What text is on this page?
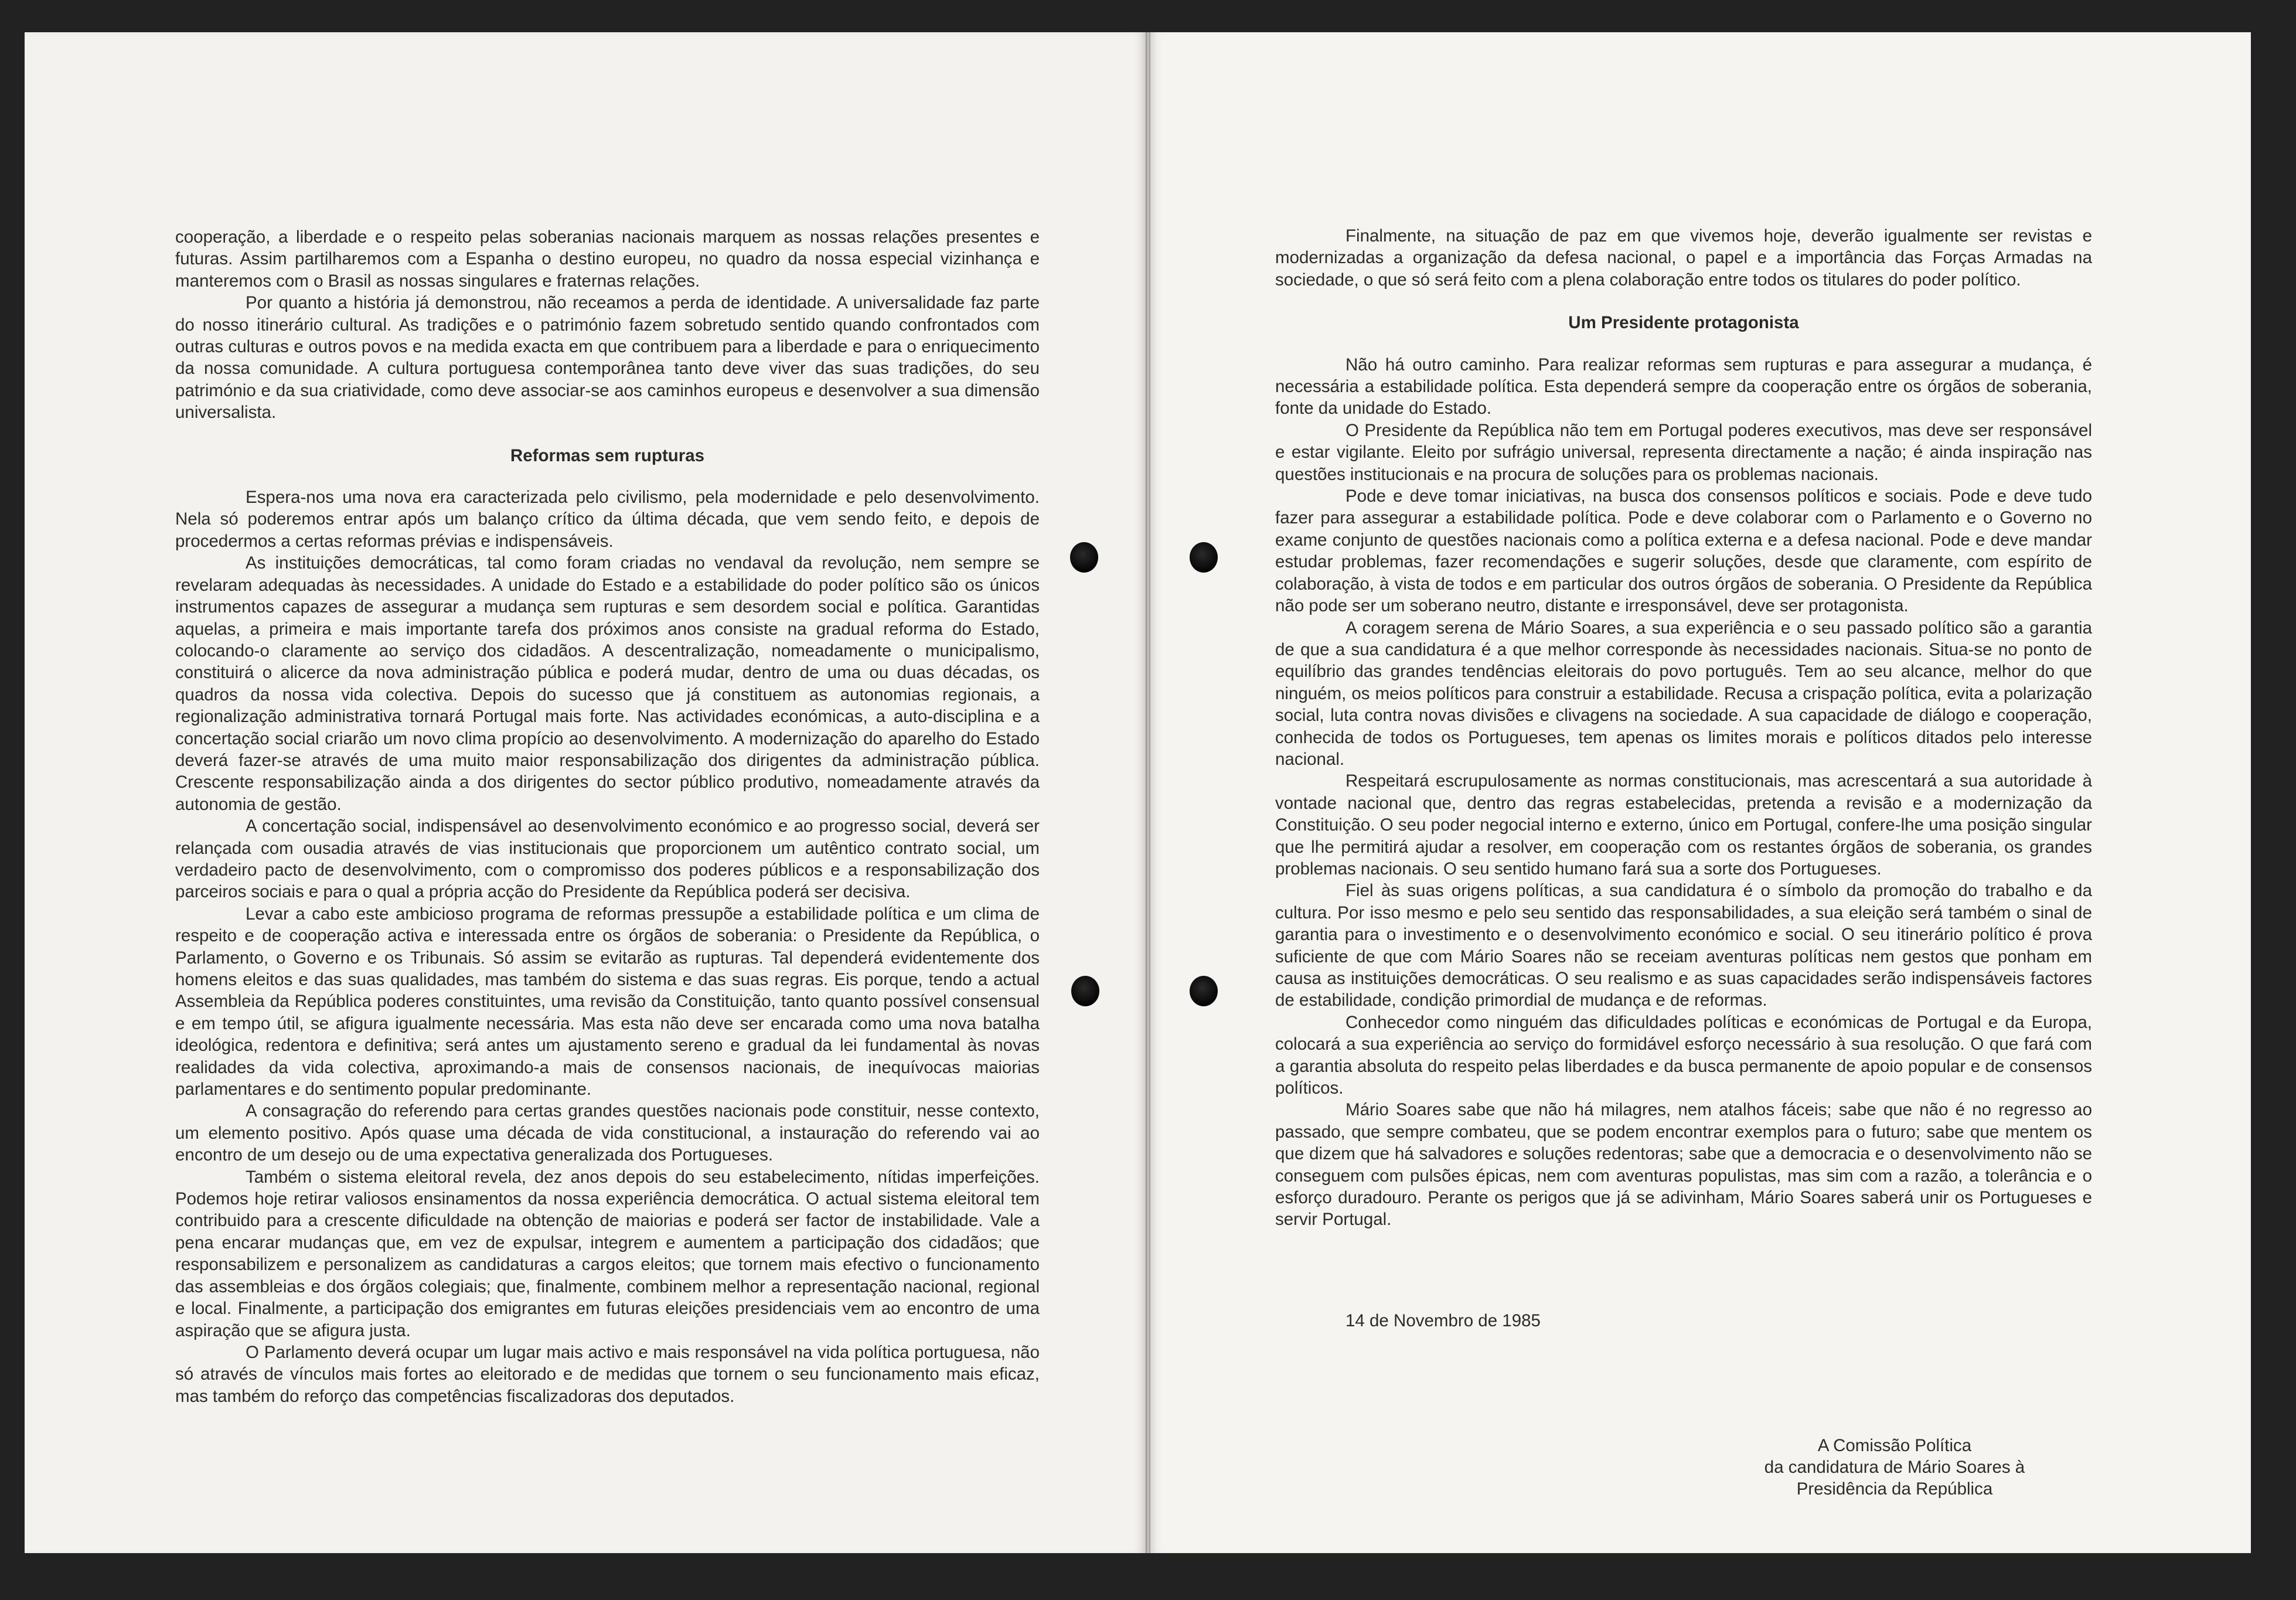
cooperação, a liberdade e o respeito pelas soberanias nacionais marquem as nossas relações presentes e futuras. Assim partilharemos com a Espanha o destino europeu, no quadro da nossa especial vizinhança e manteremos com o Brasil as nossas singulares e fraternas relações.

Por quanto a história já demonstrou, não receamos a perda de identidade. A universalidade faz parte do nosso itinerário cultural. As tradições e o património fazem sobretudo sentido quando confrontados com outras culturas e outros povos e na medida exacta em que contribuem para a liberdade e para o enriquecimento da nossa comunidade. A cultura portuguesa contemporânea tanto deve viver das suas tradições, do seu património e da sua criatividade, como deve associar-se aos caminhos europeus e desenvolver a sua dimensão universalista.

Reformas sem rupturas

Espera-nos uma nova era caracterizada pelo civilismo, pela modernidade e pelo desenvolvimento. Nela só poderemos entrar após um balanço crítico da última década, que vem sendo feito, e depois de procedermos a certas reformas prévias e indispensáveis.

As instituições democráticas, tal como foram criadas no vendaval da revolução, nem sempre se revelaram adequadas às necessidades. A unidade do Estado e a estabilidade do poder político são os únicos instrumentos capazes de assegurar a mudança sem rupturas e sem desordem social e política. Garantidas aquelas, a primeira e mais importante tarefa dos próximos anos consiste na gradual reforma do Estado, colocando-o claramente ao serviço dos cidadãos. A descentralização, nomeadamente o municipalismo, constituirá o alicerce da nova administração pública e poderá mudar, dentro de uma ou duas décadas, os quadros da nossa vida colectiva. Depois do sucesso que já constituem as autonomias regionais, a regionalização administrativa tornará Portugal mais forte. Nas actividades económicas, a auto-disciplina e a concertação social criarão um novo clima propício ao desenvolvimento. A modernização do aparelho do Estado deverá fazer-se através de uma muito maior responsabilização dos dirigentes da administração pública. Crescente responsabilização ainda a dos dirigentes do sector público produtivo, nomeadamente através da autonomia de gestão.

A concertação social, indispensável ao desenvolvimento económico e ao progresso social, deverá ser relançada com ousadia através de vias institucionais que proporcionem um autêntico contrato social, um verdadeiro pacto de desenvolvimento, com o compromisso dos poderes públicos e a responsabilização dos parceiros sociais e para o qual a própria acção do Presidente da República poderá ser decisiva.

Levar a cabo este ambicioso programa de reformas pressupõe a estabilidade política e um clima de respeito e de cooperação activa e interessada entre os órgãos de soberania: o Presidente da República, o Parlamento, o Governo e os Tribunais. Só assim se evitarão as rupturas. Tal dependerá evidentemente dos homens eleitos e das suas qualidades, mas também do sistema e das suas regras. Eis porque, tendo a actual Assembleia da República poderes constituintes, uma revisão da Constituição, tanto quanto possível consensual e em tempo útil, se afigura igualmente necessária. Mas esta não deve ser encarada como uma nova batalha ideológica, redentora e definitiva; será antes um ajustamento sereno e gradual da lei fundamental às novas realidades da vida colectiva, aproximando-a mais de consensos nacionais, de inequívocas maiorias parlamentares e do sentimento popular predominante.

A consagração do referendo para certas grandes questões nacionais pode constituir, nesse contexto, um elemento positivo. Após quase uma década de vida constitucional, a instauração do referendo vai ao encontro de um desejo ou de uma expectativa generalizada dos Portugueses.

Também o sistema eleitoral revela, dez anos depois do seu estabelecimento, nítidas imperfeições. Podemos hoje retirar valiosos ensinamentos da nossa experiência democrática. O actual sistema eleitoral tem contribuido para a crescente dificuldade na obtenção de maiorias e poderá ser factor de instabilidade. Vale a pena encarar mudanças que, em vez de expulsar, integrem e aumentem a participação dos cidadãos; que responsabilizem e personalizem as candidaturas a cargos eleitos; que tornem mais efectivo o funcionamento das assembleias e dos órgãos colegiais; que, finalmente, combinem melhor a representação nacional, regional e local. Finalmente, a participação dos emigrantes em futuras eleições presidenciais vem ao encontro de uma aspiração que se afigura justa.

O Parlamento deverá ocupar um lugar mais activo e mais responsável na vida política portuguesa, não só através de vínculos mais fortes ao eleitorado e de medidas que tornem o seu funcionamento mais eficaz, mas também do reforço das competências fiscalizadoras dos deputados.

Finalmente, na situação de paz em que vivemos hoje, deverão igualmente ser revistas e modernizadas a organização da defesa nacional, o papel e a importância das Forças Armadas na sociedade, o que só será feito com a plena colaboração entre todos os titulares do poder político.

Um Presidente protagonista

Não há outro caminho. Para realizar reformas sem rupturas e para assegurar a mudança, é necessária a estabilidade política. Esta dependerá sempre da cooperação entre os órgãos de soberania, fonte da unidade do Estado.

O Presidente da República não tem em Portugal poderes executivos, mas deve ser responsável e estar vigilante. Eleito por sufrágio universal, representa directamente a nação; é ainda inspiração nas questões institucionais e na procura de soluções para os problemas nacionais.

Pode e deve tomar iniciativas, na busca dos consensos políticos e sociais. Pode e deve tudo fazer para assegurar a estabilidade política. Pode e deve colaborar com o Parlamento e o Governo no exame conjunto de questões nacionais como a política externa e a defesa nacional. Pode e deve mandar estudar problemas, fazer recomendações e sugerir soluções, desde que claramente, com espírito de colaboração, à vista de todos e em particular dos outros órgãos de soberania. O Presidente da República não pode ser um soberano neutro, distante e irresponsável, deve ser protagonista.

A coragem serena de Mário Soares, a sua experiência e o seu passado político são a garantia de que a sua candidatura é a que melhor corresponde às necessidades nacionais. Situa-se no ponto de equilíbrio das grandes tendências eleitorais do povo português. Tem ao seu alcance, melhor do que ninguém, os meios políticos para construir a estabilidade. Recusa a crispação política, evita a polarização social, luta contra novas divisões e clivagens na sociedade. A sua capacidade de diálogo e cooperação, conhecida de todos os Portugueses, tem apenas os limites morais e políticos ditados pelo interesse nacional.

Respeitará escrupulosamente as normas constitucionais, mas acrescentará a sua autoridade à vontade nacional que, dentro das regras estabelecidas, pretenda a revisão e a modernização da Constituição. O seu poder negocial interno e externo, único em Portugal, confere-lhe uma posição singular que lhe permitirá ajudar a resolver, em cooperação com os restantes órgãos de soberania, os grandes problemas nacionais. O seu sentido humano fará sua a sorte dos Portugueses.

Fiel às suas origens políticas, a sua candidatura é o símbolo da promoção do trabalho e da cultura. Por isso mesmo e pelo seu sentido das responsabilidades, a sua eleição será também o sinal de garantia para o investimento e o desenvolvimento económico e social. O seu itinerário político é prova suficiente de que com Mário Soares não se receiam aventuras políticas nem gestos que ponham em causa as instituições democráticas. O seu realismo e as suas capacidades serão indispensáveis factores de estabilidade, condição primordial de mudança e de reformas.

Conhecedor como ninguém das dificuldades políticas e económicas de Portugal e da Europa, colocará a sua experiência ao serviço do formidável esforço necessário à sua resolução. O que fará com a garantia absoluta do respeito pelas liberdades e da busca permanente de apoio popular e de consensos políticos.

Mário Soares sabe que não há milagres, nem atalhos fáceis; sabe que não é no regresso ao passado, que sempre combateu, que se podem encontrar exemplos para o futuro; sabe que mentem os que dizem que há salvadores e soluções redentoras; sabe que a democracia e o desenvolvimento não se conseguem com pulsões épicas, nem com aventuras populistas, mas sim com a razão, a tolerância e o esforço duradouro. Perante os perigos que já se adivinham, Mário Soares saberá unir os Portugueses e servir Portugal.

14 de Novembro de 1985
A Comissão Política
da candidatura de Mário Soares à
Presidência da República
